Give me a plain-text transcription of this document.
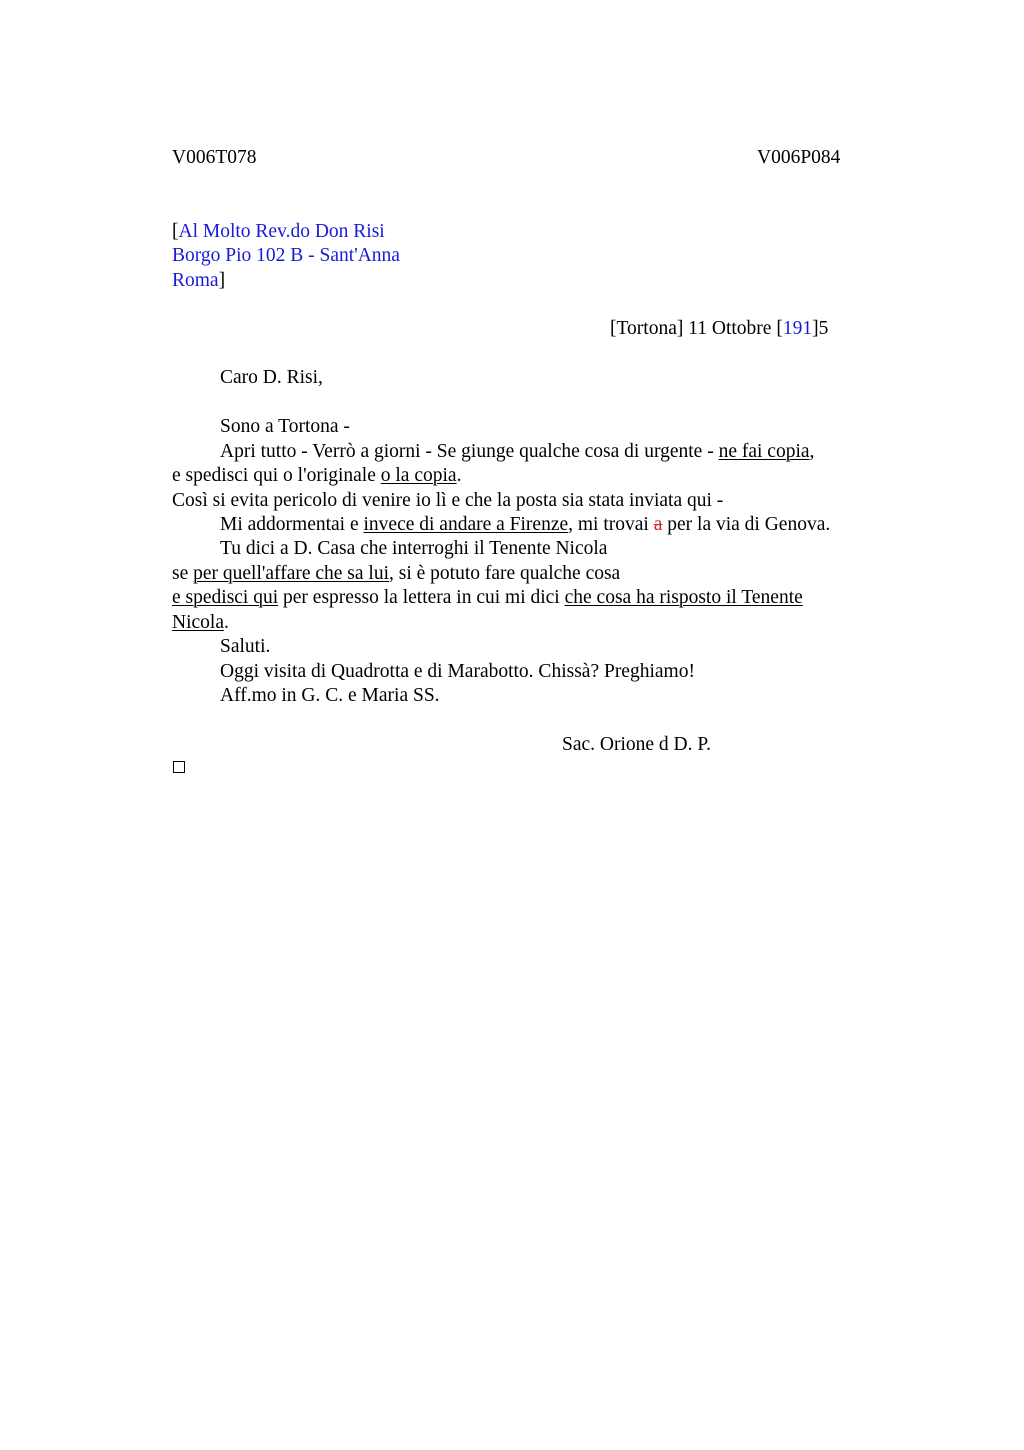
V006T078	V006P084
[Al Molto Rev.do Don Risi
Borgo Pio 102 B - Sant'Anna
Roma]
[Tortona] 11 Ottobre [191]5
Caro D. Risi,
Sono a Tortona -
Apri tutto - Verrò a giorni - Se giunge qualche cosa di urgente - ne fai copia,
e spedisci qui o l'originale o la copia.
Così si evita pericolo di venire io lì e che la posta sia stata inviata qui -
Mi addormentai e invece di andare a Firenze, mi trovai a per la via di Genova.
Tu dici a D. Casa che interroghi il Tenente Nicola
se per quell'affare che sa lui, si è potuto fare qualche cosa
e spedisci qui per espresso la lettera in cui mi dici che cosa ha risposto il Tenente
Nicola.
Saluti.
Oggi visita di Quadrotta e di Marabotto. Chissà? Preghiamo!
Aff.mo in G. C. e Maria SS.
Sac. Orione d D. P.
